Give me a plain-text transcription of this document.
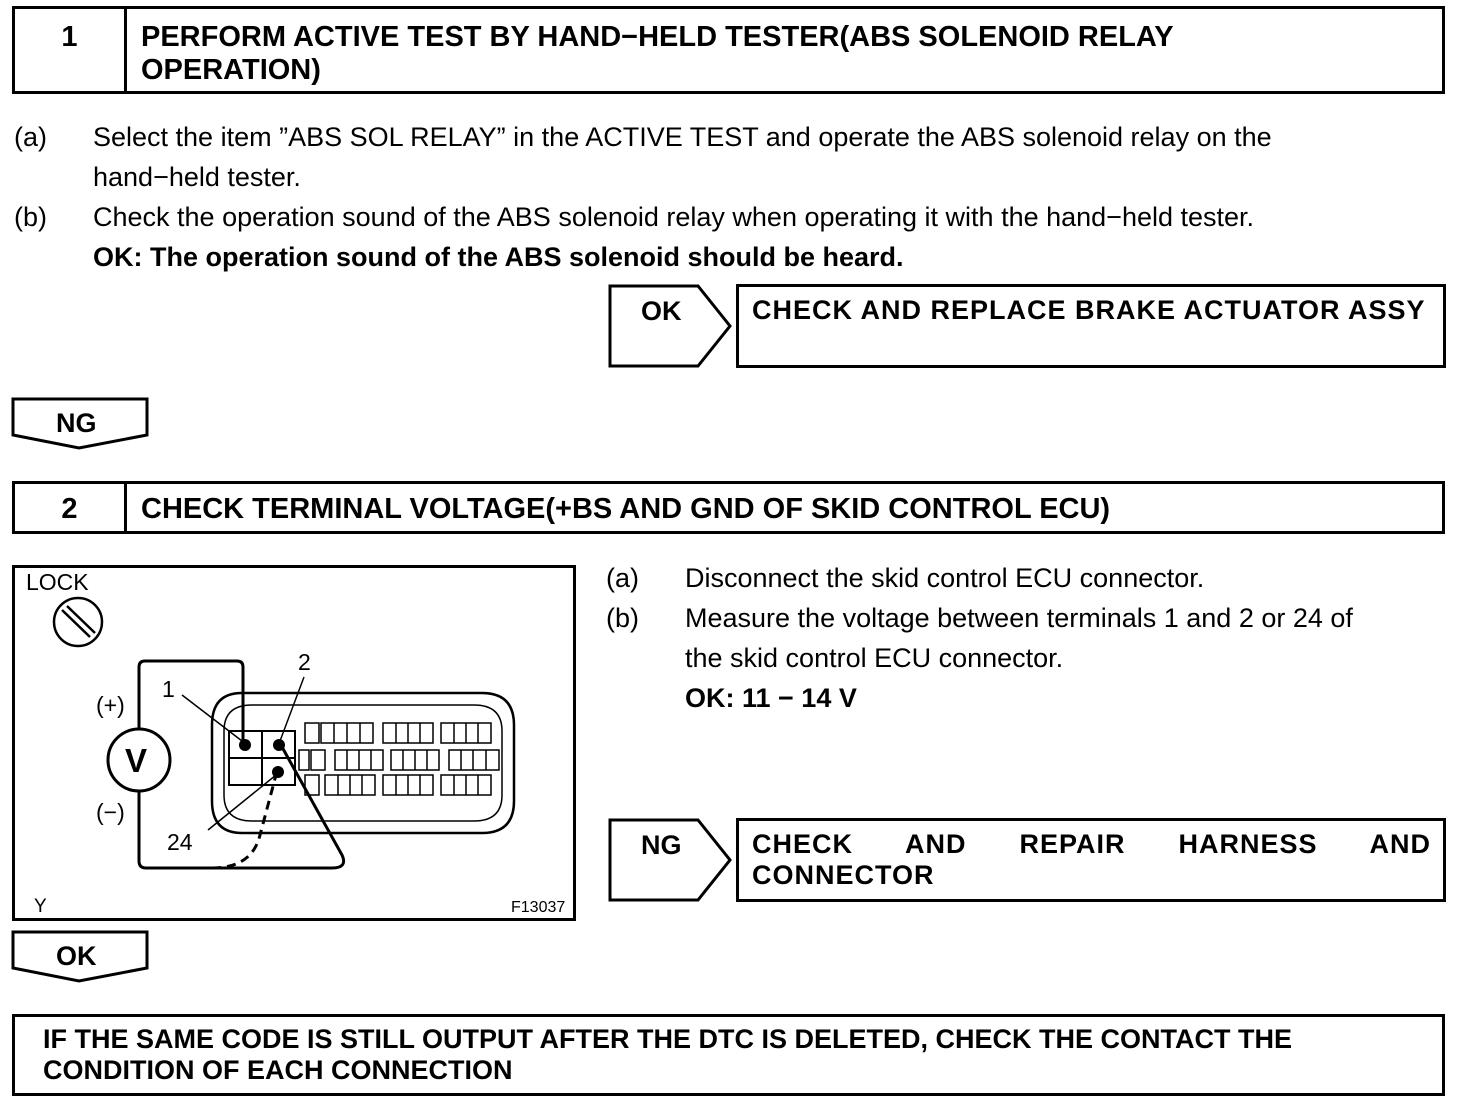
1	PERFORM ACTIVE TEST BY HAND−HELD TESTER(ABS SOLENOID RELAY
OPERATION)
(a) Select the item ”ABS SOL RELAY” in the ACTIVE TEST and operate the ABS solenoid relay on the
hand−held tester.
(b) Check the operation sound of the ABS solenoid relay when operating it with the hand−held tester.
OK: The operation sound of the ABS solenoid should be heard.
OK	CHECK AND REPLACE BRAKE ACTUATOR ASSY
NG
2	CHECK TERMINAL VOLTAGE(+BS AND GND OF SKID CONTROL ECU)
LOCK
V
(+)
(−)
1
2
24
Y	F13037
(a) Disconnect the skid control ECU connector.
(b) Measure the voltage between terminals 1 and 2 or 24 of
the skid control ECU connector.
OK: 11 − 14 V
NG	CHECK AND REPAIR HARNESS AND CONNECTOR
OK
IF THE SAME CODE IS STILL OUTPUT AFTER THE DTC IS DELETED, CHECK THE CONTACT THE CONDITION OF EACH CONNECTION
